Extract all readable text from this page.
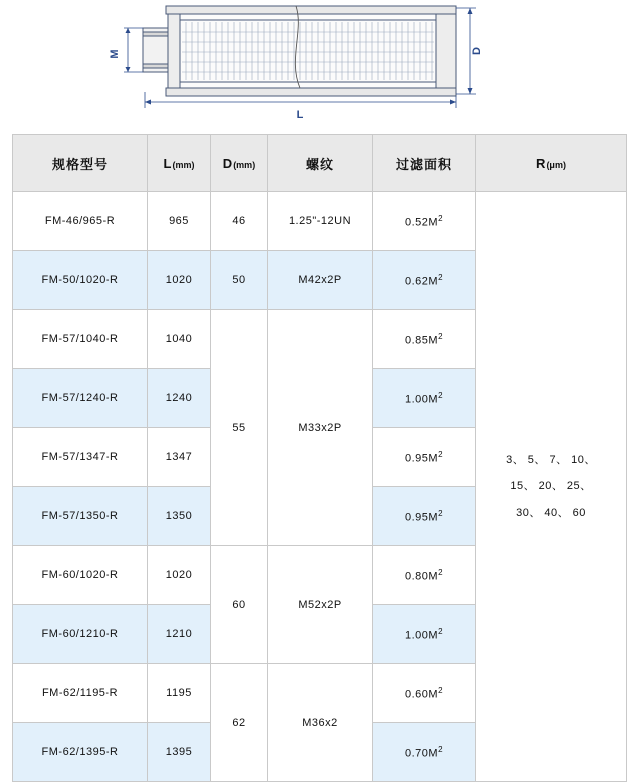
M	D
L
规格型号	L(mm)	D(mm)	螺纹	过滤面积	R(μm)
FM-46/965-R	965	46	1.25"-12UN	$0.52M^2$	3、 5、 7、 10、
15、 20、 25、
30、 40、 60

FM-50/1020-R	1020	50	M42x2P	$0.62M^2$
FM-57/1040-R	1040	55	M33x2P	$0.85M^2$
FM-57/1240-R	1240			$1.00M^2$
FM-57/1347-R	1347			$0.95M^2$
FM-57/1350-R	1350			$0.95M^2$
FM-60/1020-R	1020	60	M52x2P	$0.80M^2$
FM-60/1210-R	1210			$1.00M^2$
FM-62/1195-R	1195	62	M36x2	$0.60M^2$
FM-62/1395-R	1395			$0.70M^2$
